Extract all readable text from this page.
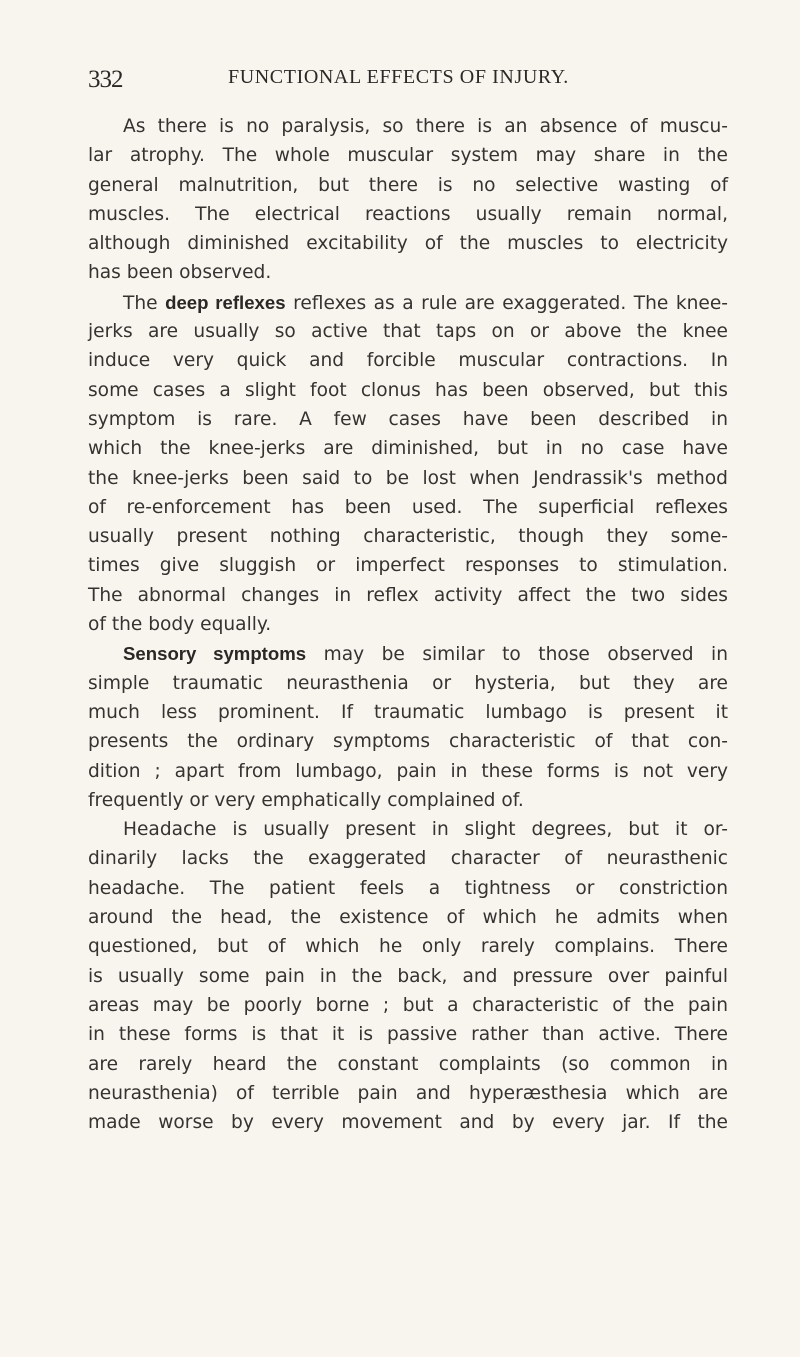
332	FUNCTIONAL EFFECTS OF INJURY.
As there is no paralysis, so there is an absence of muscu-
lar atrophy. The whole muscular system may share in the
general malnutrition, but there is no selective wasting of
muscles. The electrical reactions usually remain normal,
although diminished excitability of the muscles to electricity
has been observed.
The deep reflexes reflexes as a rule are exaggerated. The knee-
jerks are usually so active that taps on or above the knee
induce very quick and forcible muscular contractions. In
some cases a slight foot clonus has been observed, but this
symptom is rare. A few cases have been described in
which the knee-jerks are diminished, but in no case have
the knee-jerks been said to be lost when Jendrassik's method
of re-enforcement has been used. The superficial reflexes
usually present nothing characteristic, though they some-
times give sluggish or imperfect responses to stimulation.
The abnormal changes in reflex activity affect the two sides
of the body equally.
Sensory symptoms may be similar to those observed in
simple traumatic neurasthenia or hysteria, but they are
much less prominent. If traumatic lumbago is present it
presents the ordinary symptoms characteristic of that con-
dition ; apart from lumbago, pain in these forms is not very
frequently or very emphatically complained of.
Headache is usually present in slight degrees, but it or-
dinarily lacks the exaggerated character of neurasthenic
headache. The patient feels a tightness or constriction
around the head, the existence of which he admits when
questioned, but of which he only rarely complains. There
is usually some pain in the back, and pressure over painful
areas may be poorly borne ; but a characteristic of the pain
in these forms is that it is passive rather than active. There
are rarely heard the constant complaints (so common in
neurasthenia) of terrible pain and hyperæsthesia which are
made worse by every movement and by every jar. If the
